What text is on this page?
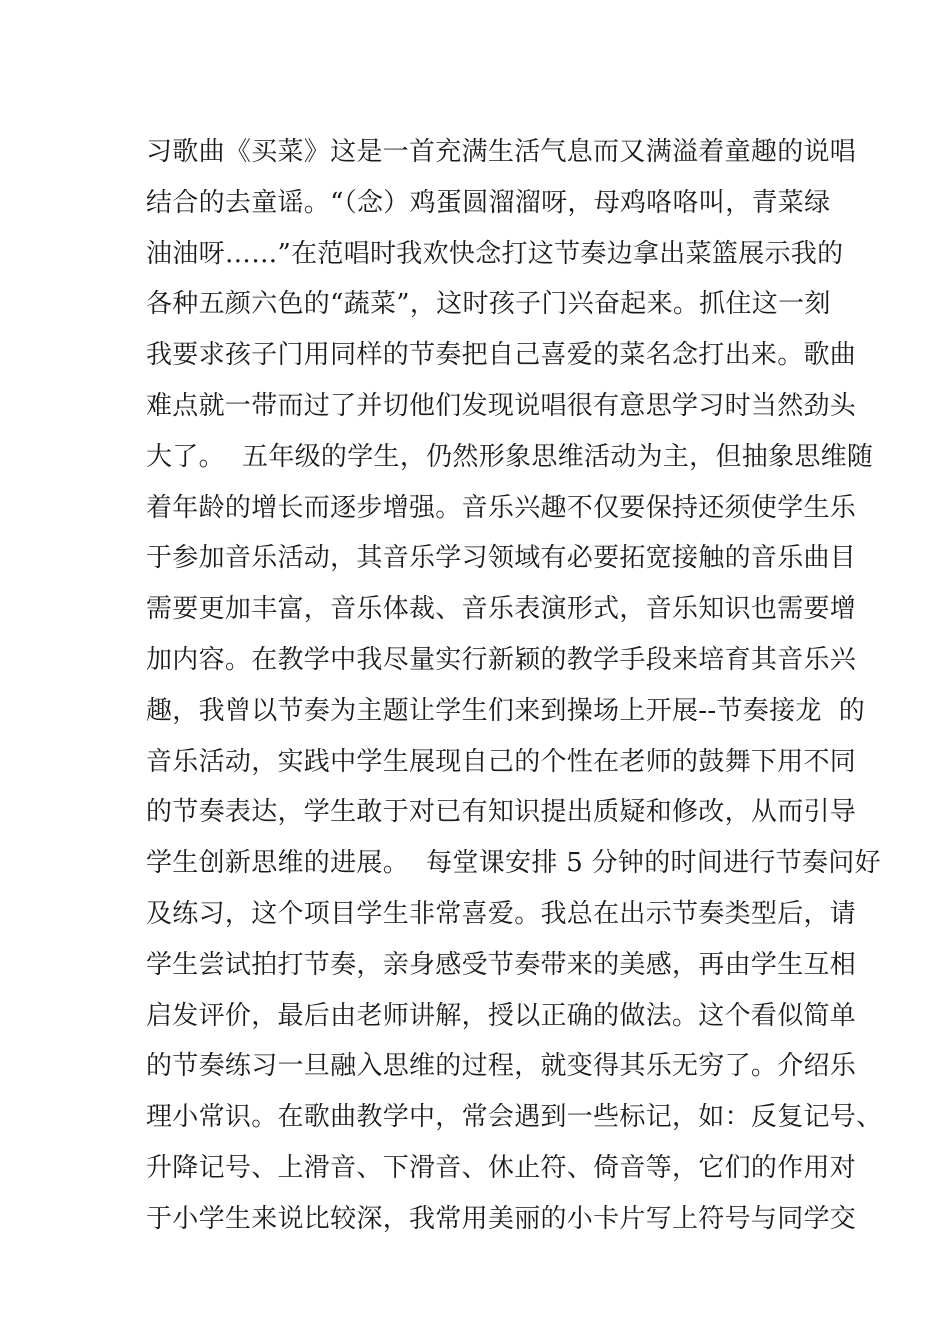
习歌曲《买菜》这是一首充满生活气息而又满溢着童趣的说唱
结合的去童谣。“（念）鸡蛋圆溜溜呀，母鸡咯咯叫，青菜绿
油油呀……”在范唱时我欢快念打这节奏边拿出菜篮展示我的
各种五颜六色的“蔬菜”，这时孩子门兴奋起来。抓住这一刻
我要求孩子门用同样的节奏把自己喜爱的菜名念打出来。歌曲
难点就一带而过了并切他们发现说唱很有意思学习时当然劲头
大了。  五年级的学生，仍然形象思维活动为主，但抽象思维随
着年龄的增长而逐步增强。音乐兴趣不仅要保持还须使学生乐
于参加音乐活动，其音乐学习领域有必要拓宽接触的音乐曲目
需要更加丰富，音乐体裁、音乐表演形式，音乐知识也需要增
加内容。在教学中我尽量实行新颖的教学手段来培育其音乐兴
趣，我曾以节奏为主题让学生们来到操场上开展--节奏接龙  的
音乐活动，实践中学生展现自己的个性在老师的鼓舞下用不同
的节奏表达，学生敢于对已有知识提出质疑和修改，从而引导
学生创新思维的进展。  每堂课安排 5 分钟的时间进行节奏问好
及练习，这个项目学生非常喜爱。我总在出示节奏类型后，请
学生尝试拍打节奏，亲身感受节奏带来的美感，再由学生互相
启发评价，最后由老师讲解，授以正确的做法。这个看似简单
的节奏练习一旦融入思维的过程，就变得其乐无穷了。介绍乐
理小常识。在歌曲教学中，常会遇到一些标记，如：反复记号、
升降记号、上滑音、下滑音、休止符、倚音等，它们的作用对
于小学生来说比较深，我常用美丽的小卡片写上符号与同学交
